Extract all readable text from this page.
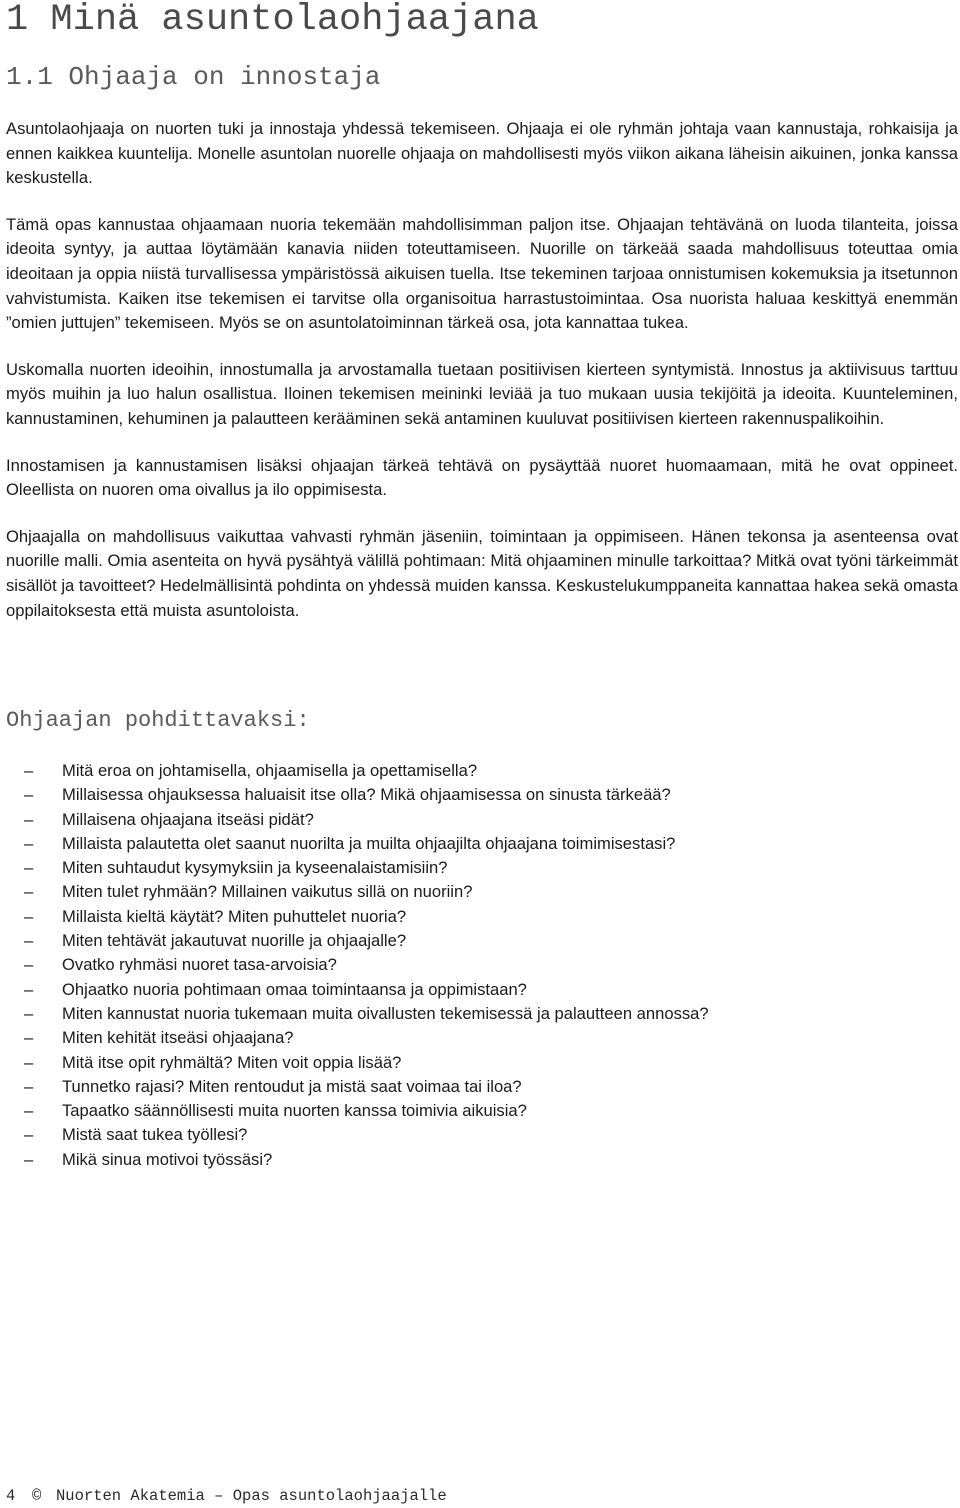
1 Minä asuntolaohjaajana
1.1 Ohjaaja on innostaja

Asuntolaohjaaja on nuorten tuki ja innostaja yhdessä tekemiseen. Ohjaaja ei ole ryhmän johtaja vaan kannustaja, rohkaisija ja ennen kaikkea kuuntelija. Monelle asuntolan nuorelle ohjaaja on mahdollisesti myös viikon aikana läheisin aikuinen, jonka kanssa keskustella.

Tämä opas kannustaa ohjaamaan nuoria tekemään mahdollisimman paljon itse. Ohjaajan tehtävänä on luoda tilanteita, joissa ideoita syntyy, ja auttaa löytämään kanavia niiden toteuttamiseen. Nuorille on tärkeää saada mahdollisuus toteuttaa omia ideoitaan ja oppia niistä turvallisessa ympäristössä aikuisen tuella. Itse tekeminen tarjoaa onnistumisen kokemuksia ja itsetunnon vahvistumista. Kaiken itse tekemisen ei tarvitse olla organisoitua harrastustoimintaa. Osa nuorista haluaa keskittyä enemmän ”omien juttujen” tekemiseen. Myös se on asuntolatoiminnan tärkeä osa, jota kannattaa tukea.

Uskomalla nuorten ideoihin, innostumalla ja arvostamalla tuetaan positiivisen kierteen syntymistä. Innostus ja aktiivisuus tarttuu myös muihin ja luo halun osallistua. Iloinen tekemisen meininki leviää ja tuo mukaan uusia tekijöitä ja ideoita. Kuunteleminen, kannustaminen, kehuminen ja palautteen kerääminen sekä antaminen kuuluvat positiivisen kierteen rakennuspalikoihin.

Innostamisen ja kannustamisen lisäksi ohjaajan tärkeä tehtävä on pysäyttää nuoret huomaamaan, mitä he ovat oppineet. Oleellista on nuoren oma oivallus ja ilo oppimisesta.

Ohjaajalla on mahdollisuus vaikuttaa vahvasti ryhmän jäseniin, toimintaan ja oppimiseen. Hänen tekonsa ja asenteensa ovat nuorille malli. Omia asenteita on hyvä pysähtyä välillä pohtimaan: Mitä ohjaaminen minulle tarkoittaa? Mitkä ovat työni tärkeimmät sisällöt ja tavoitteet? Hedelmällisintä pohdinta on yhdessä muiden kanssa. Keskustelukumppaneita kannattaa hakea sekä omasta oppilaitoksesta että muista asuntoloista.

Ohjaajan pohdittavaksi:
–	Mitä eroa on johtamisella, ohjaamisella ja opettamisella?
–	Millaisessa ohjauksessa haluaisit itse olla? Mikä ohjaamisessa on sinusta tärkeää?
–	Millaisena ohjaajana itseäsi pidät?
–	Millaista palautetta olet saanut nuorilta ja muilta ohjaajilta ohjaajana toimimisestasi?
–	Miten suhtaudut kysymyksiin ja kyseenalaistamisiin?
–	Miten tulet ryhmään? Millainen vaikutus sillä on nuoriin?
–	Millaista kieltä käytät? Miten puhuttelet nuoria?
–	Miten tehtävät jakautuvat nuorille ja ohjaajalle?
–	Ovatko ryhmäsi nuoret tasa-arvoisia?
–	Ohjaatko nuoria pohtimaan omaa toimintaansa ja oppimistaan?
–	Miten kannustat nuoria tukemaan muita oivallusten tekemisessä ja palautteen annossa?
–	Miten kehität itseäsi ohjaajana?
–	Mitä itse opit ryhmältä? Miten voit oppia lisää?
–	Tunnetko rajasi? Miten rentoudut ja mistä saat voimaa tai iloa?
–	Tapaatko säännöllisesti muita nuorten kanssa toimivia aikuisia?
–	Mistä saat tukea työllesi?
–	Mikä sinua motivoi työssäsi?
4 © Nuorten Akatemia – Opas asuntolaohjaajalle
